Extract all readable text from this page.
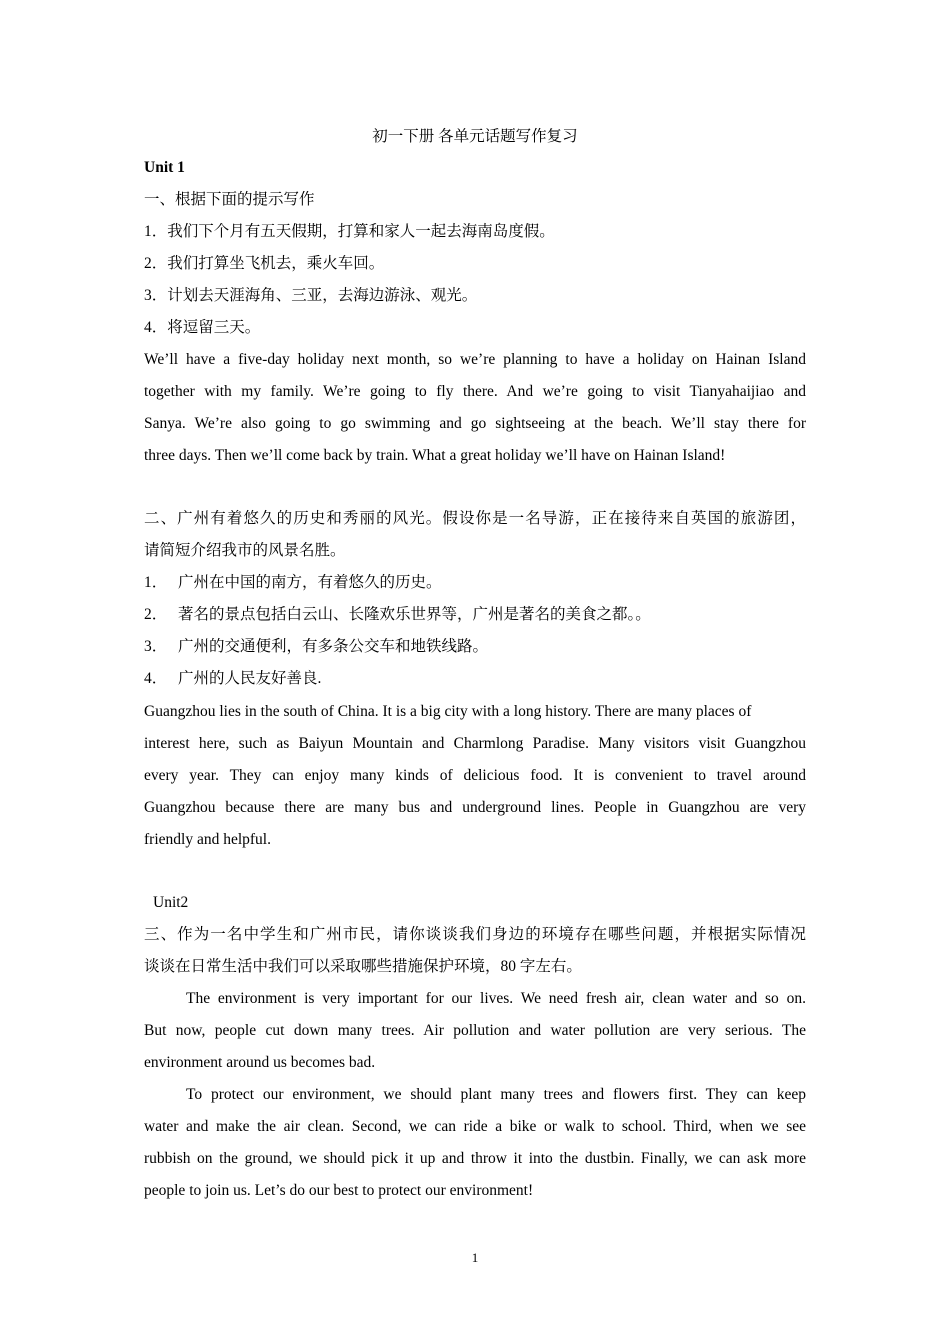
初一下册 各单元话题写作复习
Unit 1
一、根据下面的提示写作
1．我们下个月有五天假期，打算和家人一起去海南岛度假。
2．我们打算坐飞机去，乘火车回。
3．计划去天涯海角、三亚，去海边游泳、观光。
4．将逗留三天。
We’ll have a five-day holiday next month, so we’re planning to have a holiday on Hainan Island
together with my family. We’re going to fly there. And we’re going to visit Tianyahaijiao and
Sanya. We’re also going to go swimming and go sightseeing at the beach. We’ll stay there for
three days. Then we’ll come back by train. What a great holiday we’ll have on Hainan Island!
二、广州有着悠久的历史和秀丽的风光。假设你是一名导游，正在接待来自英国的旅游团，
请简短介绍我市的风景名胜。
1． 广州在中国的南方，有着悠久的历史。
2． 著名的景点包括白云山、长隆欢乐世界等，广州是著名的美食之都。。
3． 广州的交通便利，有多条公交车和地铁线路。
4． 广州的人民友好善良.
Guangzhou lies in the south of China. It is a big city with a long history. There are many places of
interest here, such as Baiyun Mountain and Charmlong Paradise. Many visitors visit Guangzhou
every year. They can enjoy many kinds of delicious food. It is convenient to travel around
Guangzhou because there are many bus and underground lines. People in Guangzhou are very
friendly and helpful.
Unit2
三、作为一名中学生和广州市民，请你谈谈我们身边的环境存在哪些问题，并根据实际情况
谈谈在日常生活中我们可以采取哪些措施保护环境，80 字左右。
The environment is very important for our lives. We need fresh air, clean water and so on.
But now, people cut down many trees. Air pollution and water pollution are very serious. The
environment around us becomes bad.
To protect our environment, we should plant many trees and flowers first. They can keep
water and make the air clean. Second, we can ride a bike or walk to school. Third, when we see
rubbish on the ground, we should pick it up and throw it into the dustbin. Finally, we can ask more
people to join us. Let’s do our best to protect our environment!
1
